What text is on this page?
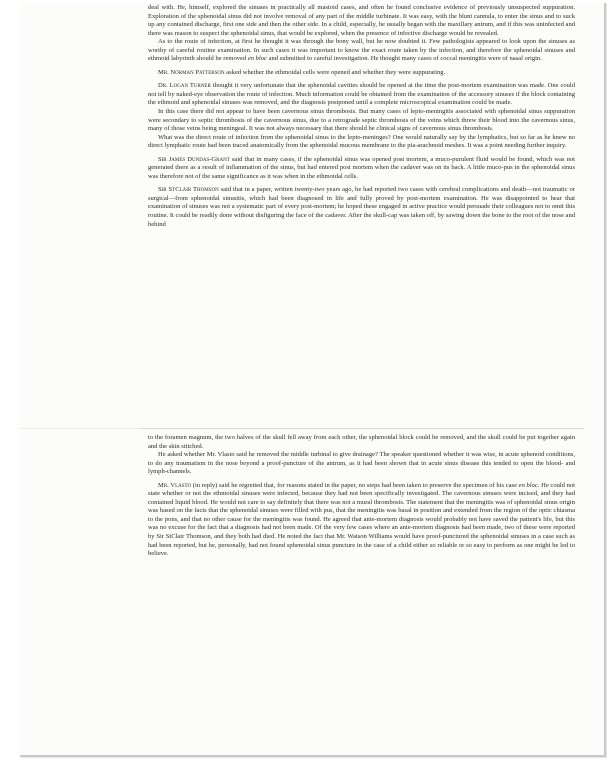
deal with. He, himself, explored the sinuses in practically all mastoid cases, and often he found conclusive evidence of previously unsuspected suppuration. Exploration of the sphenoidal sinus did not involve removal of any part of the middle turbinate. It was easy, with the blunt cannula, to enter the sinus and to suck up any contained discharge, first one side and then the other side. In a child, especially, he usually began with the maxillary antrum, and if this was uninfected and there was reason to suspect the sphenoidal sinus, that would be explored, when the presence of infective discharge would be revealed.

As to the route of infection, at first he thought it was through the bony wall, but he now doubted it. Few pathologists appeared to look upon the sinuses as worthy of careful routine examination. In such cases it was important to know the exact route taken by the infection, and therefore the sphenoidal sinuses and ethmoid labyrinth should be removed en bloc and submitted to careful investigation. He thought many cases of coccal meningitis were of nasal origin.

Mr. Norman Patterson asked whether the ethmoidal cells were opened and whether they were suppurating.

Dr. Logan Turner thought it very unfortunate that the sphenoidal cavities should be opened at the time the post-mortem examination was made. One could not tell by naked-eye observation the route of infection. Much information could be obtained from the examination of the accessory sinuses if the block containing the ethmoid and sphenoidal sinuses was removed, and the diagnosis postponed until a complete microscopical examination could be made.

In this case there did not appear to have been cavernous sinus thrombosis. But many cases of lepto-meningitis associated with sphenoidal sinus suppuration were secondary to septic thrombosis of the cavernous sinus, due to a retrograde septic thrombosis of the veins which threw their blood into the cavernous sinus, many of those veins being meningeal. It was not always necessary that there should be clinical signs of cavernous sinus thrombosis.

What was the direct route of infection from the sphenoidal sinus to the lepto-meninges? One would naturally say by the lymphatics, but so far as he knew no direct lymphatic route had been traced anatomically from the sphenoidal mucous membrane to the pia-arachnoid meshes. It was a point needing further inquiry.

Sir James Dundas-Grant said that in many cases, if the sphenoidal sinus was opened post mortem, a muco-purulent fluid would be found, which was not generated there as a result of inflammation of the sinus, but had entered post mortem when the cadaver was on its back. A little muco-pus in the sphenoidal sinus was therefore not of the same significance as it was when in the ethmoidal cells.

Sir StClair Thomson said that in a paper, written twenty-two years ago, he had reported two cases with cerebral complications and death—not traumatic or surgical—from sphenoidal sinusitis, which had been diagnosed in life and fully proved by post-mortem examination. He was disappointed to hear that examination of sinuses was not a systematic part of every post-mortem; he hoped these engaged in active practice would persuade their colleagues not to omit this routine. It could be readily done without disfiguring the face of the cadaver. After the skull-cap was taken off, by sawing down the bone to the root of the nose and behind

to the foramen magnum, the two halves of the skull fell away from each other, the sphenoidal block could be removed, and the skull could be put together again and the skin stitched.

He asked whether Mr. Vlasto said he removed the middle turbinal to give drainage? The speaker questioned whether it was wise, in acute sphenoid conditions, to do any traumatism in the nose beyond a proof-puncture of the antrum, as it had been shown that in acute sinus disease this tended to open the blood- and lymph-channels.

Mr. Vlasto (in reply) said he regretted that, for reasons stated in the paper, no steps had been taken to preserve the specimen of his case en bloc. He could not state whether or not the ethmoidal sinuses were infected, because they had not been specifically investigated. The cavernous sinuses were incised, and they had contained liquid blood. He would not care to say definitely that there was not a mural thrombosis. The statement that the meningitis was of sphenoidal sinus origin was based on the facts that the sphenoidal sinuses were filled with pus, that the meningitis was basal in position and extended from the region of the optic chiasma to the pons, and that no other cause for the meningitis was found. He agreed that ante-mortem diagnosis would probably not have saved the patient's life, but this was no excuse for the fact that a diagnosis had not been made. Of the very few cases where an ante-mortem diagnosis had been made, two of these were reported by Sir StClair Thomson, and they both had died. He noted the fact that Mr. Watson Williams would have proof-punctured the sphenoidal sinuses in a case such as had been reported, but he, personally, had not found sphenoidal sinus puncture in the case of a child either so reliable or so easy to perform as one might be led to believe.
